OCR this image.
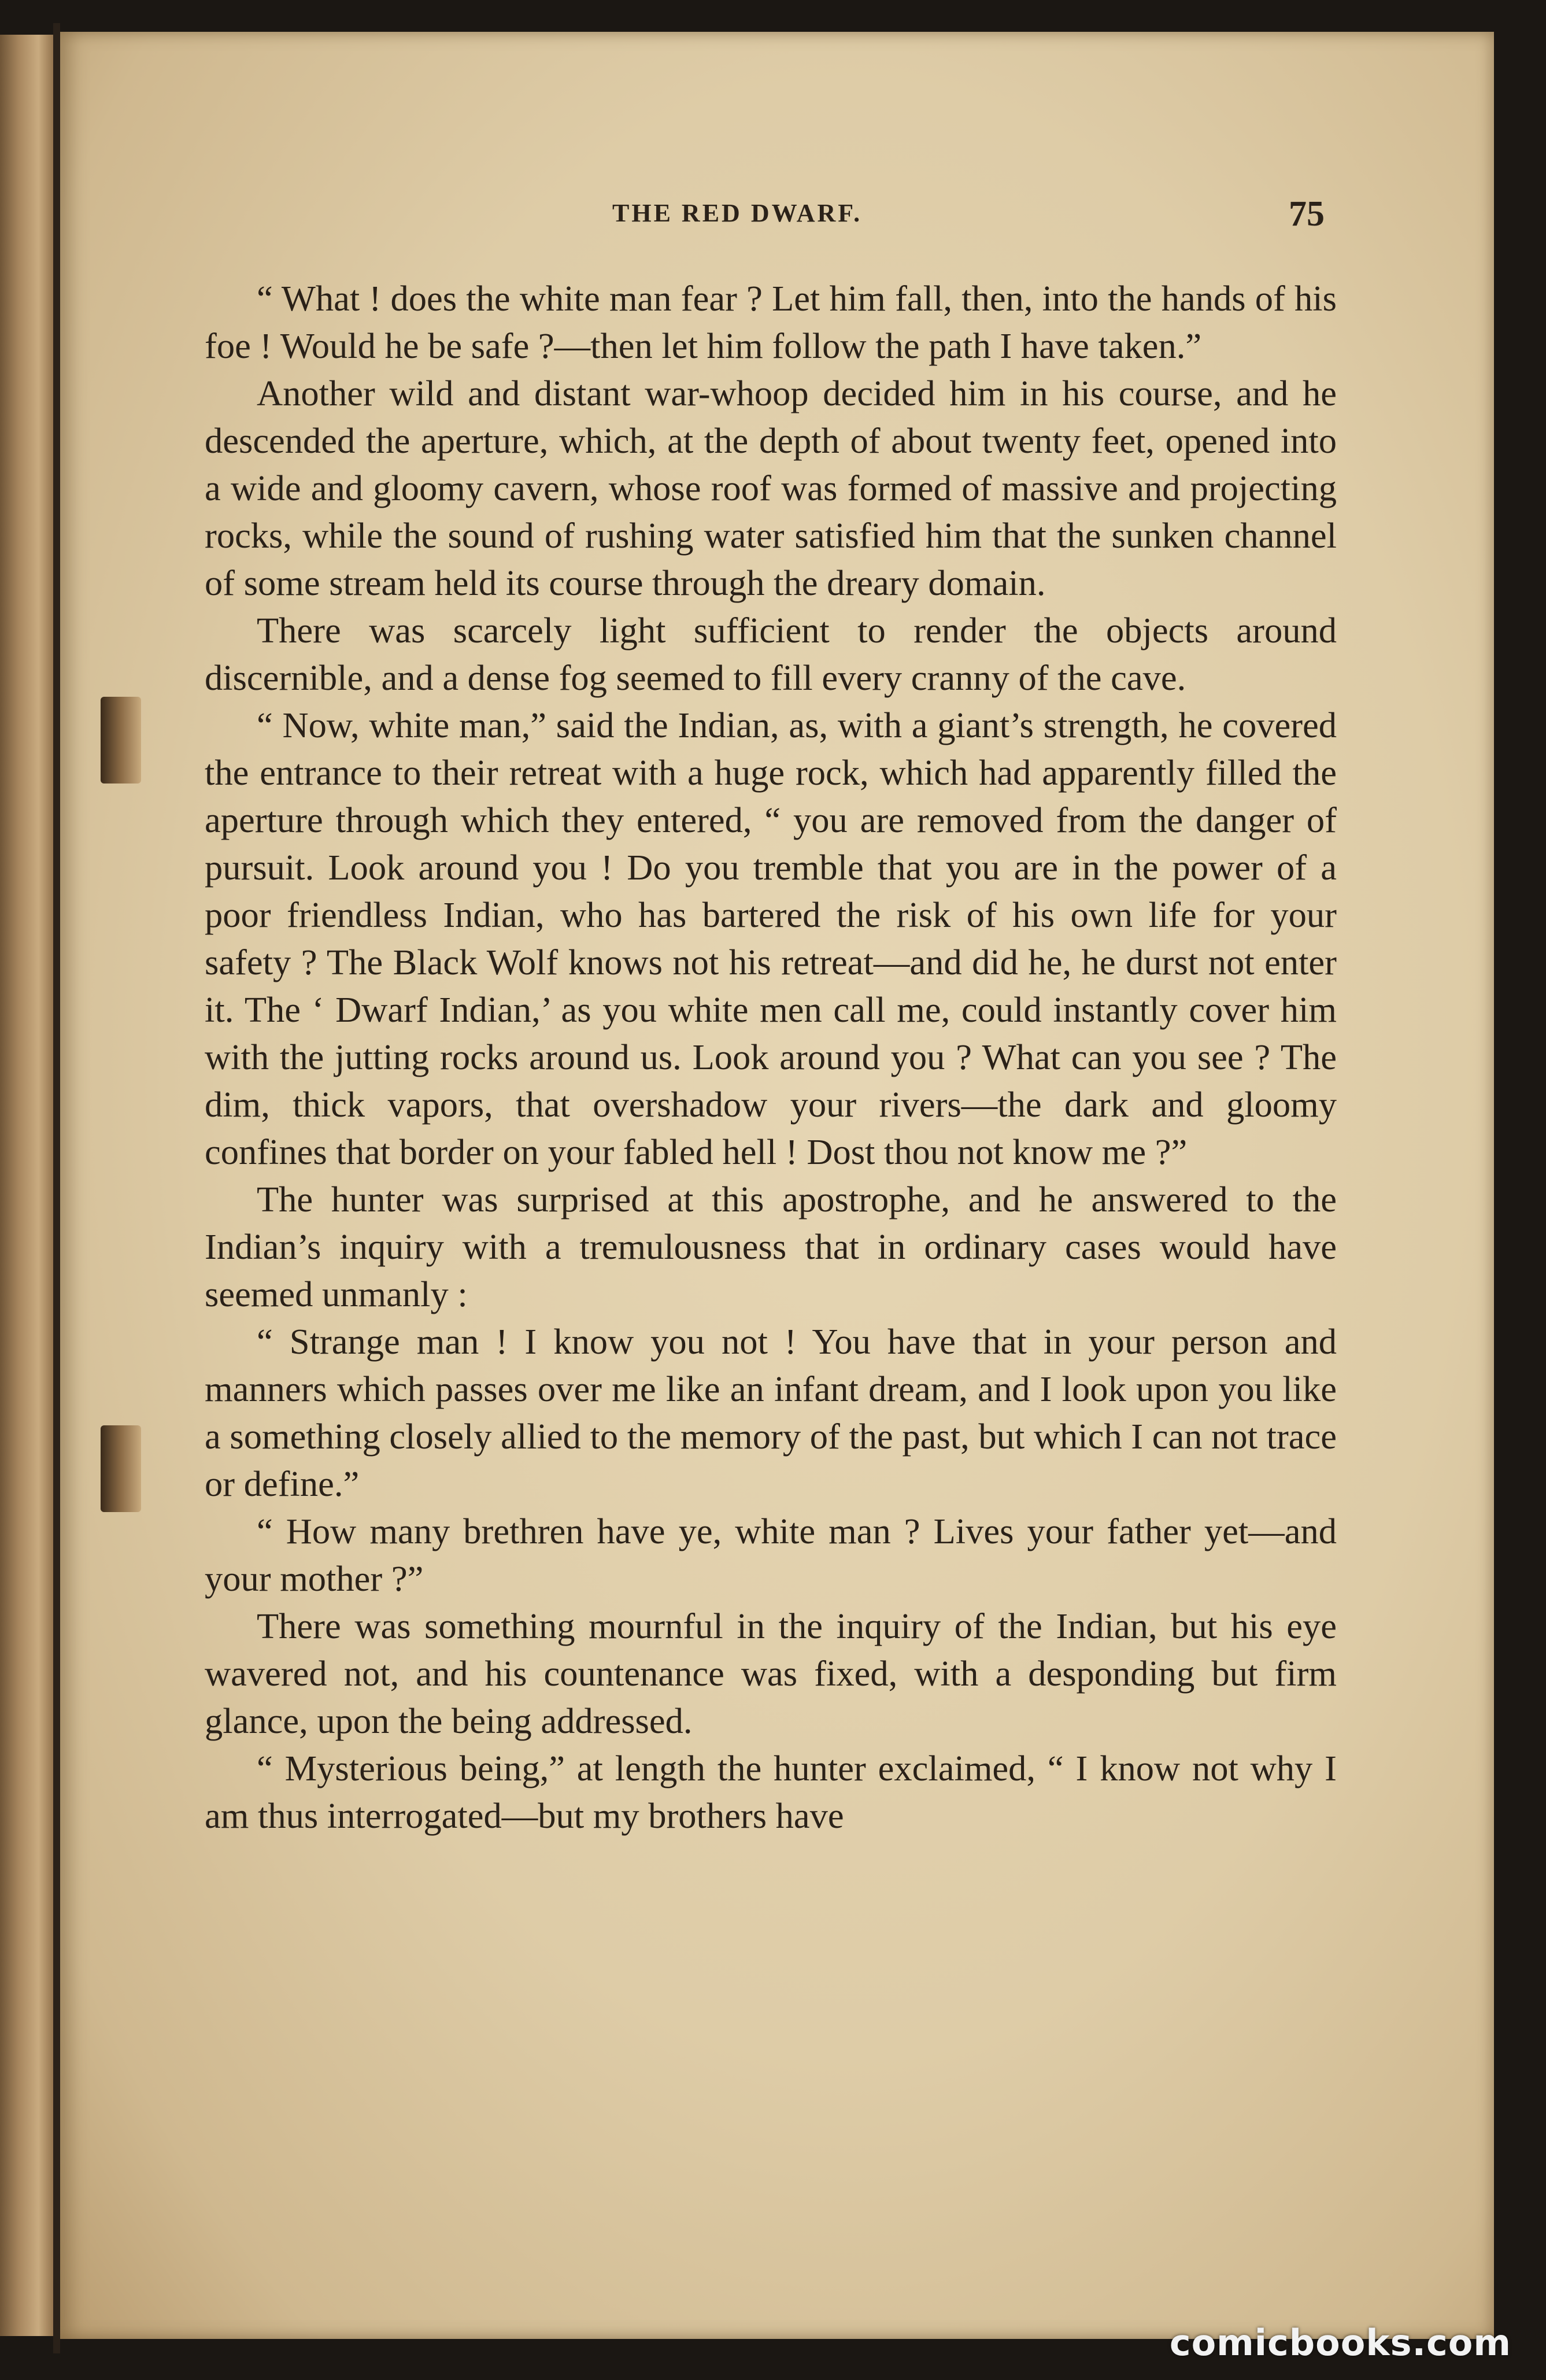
THE RED DWARF.	75

“ What ! does the white man fear ? Let him fall, then, into the hands of his foe ! Would he be safe ?—then let him follow the path I have taken.”

Another wild and distant war-whoop decided him in his course, and he descended the aperture, which, at the depth of about twenty feet, opened into a wide and gloomy cavern, whose roof was formed of massive and projecting rocks, while the sound of rushing water satisfied him that the sunken channel of some stream held its course through the dreary domain.

There was scarcely light sufficient to render the objects around discernible, and a dense fog seemed to fill every cranny of the cave.

“ Now, white man,” said the Indian, as, with a giant’s strength, he covered the entrance to their retreat with a huge rock, which had apparently filled the aperture through which they entered, “ you are removed from the danger of pursuit. Look around you ! Do you tremble that you are in the power of a poor friendless Indian, who has bartered the risk of his own life for your safety ? The Black Wolf knows not his retreat—and did he, he durst not enter it. The ‘ Dwarf Indian,’ as you white men call me, could instantly cover him with the jutting rocks around us. Look around you ? What can you see ? The dim, thick vapors, that overshadow your rivers—the dark and gloomy confines that border on your fabled hell ! Dost thou not know me ?”

The hunter was surprised at this apostrophe, and he answered to the Indian’s inquiry with a tremulousness that in ordinary cases would have seemed unmanly :

“ Strange man ! I know you not ! You have that in your person and manners which passes over me like an infant dream, and I look upon you like a something closely allied to the memory of the past, but which I can not trace or define.”

“ How many brethren have ye, white man ? Lives your father yet—and your mother ?”

There was something mournful in the inquiry of the Indian, but his eye wavered not, and his countenance was fixed, with a desponding but firm glance, upon the being addressed.

“ Mysterious being,” at length the hunter exclaimed, “ I know not why I am thus interrogated—but my brothers have

comicbooks.com
